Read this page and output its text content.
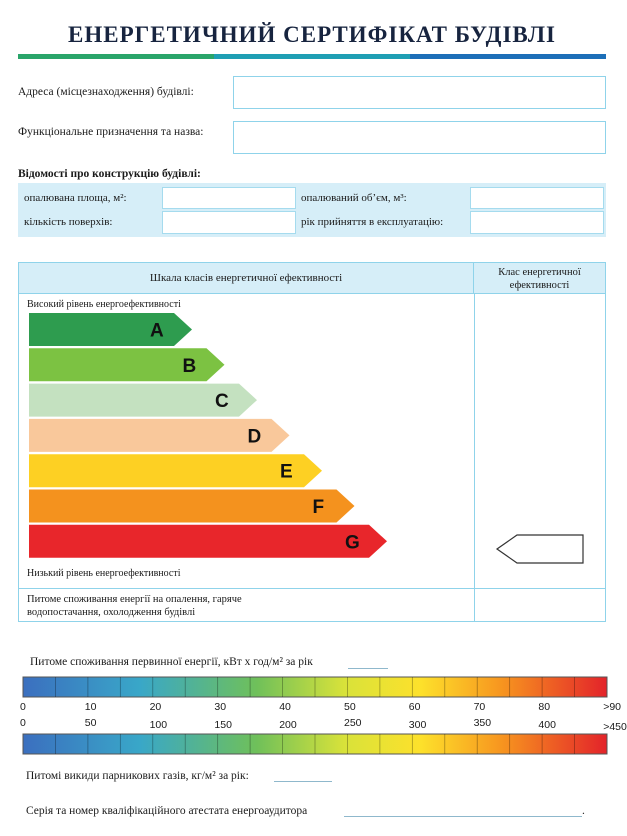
ЕНЕРГЕТИЧНИЙ СЕРТИФІКАТ БУДІВЛІ
Адреса (місцезнаходження) будівлі:
Функціональне призначення та назва:
Відомості про конструкцію будівлі:
опалювана площа, м²:	опалюваний об’єм, м³:
кількість поверхів:	рік прийняття в експлуатацію:
Шкала класів енергетичної ефективності	Клас енергетичної ефективності
Високий рівень енергоефективності
A
B
C
D
E
F
G
Низький рівень енергоефективності
Питоме споживання енергії на опалення, гаряче водопостачання, охолодження будівлі
Питоме споживання первинної енергії, кВт х год/м² за рік
0	10	20	30	40	50	60	70	80	>90
0	50	100	150	200	250	300	350	400	>450
Питомі викиди парникових газів, кг/м² за рік:
Серія та номер кваліфікаційного атестата енергоаудитора	.
